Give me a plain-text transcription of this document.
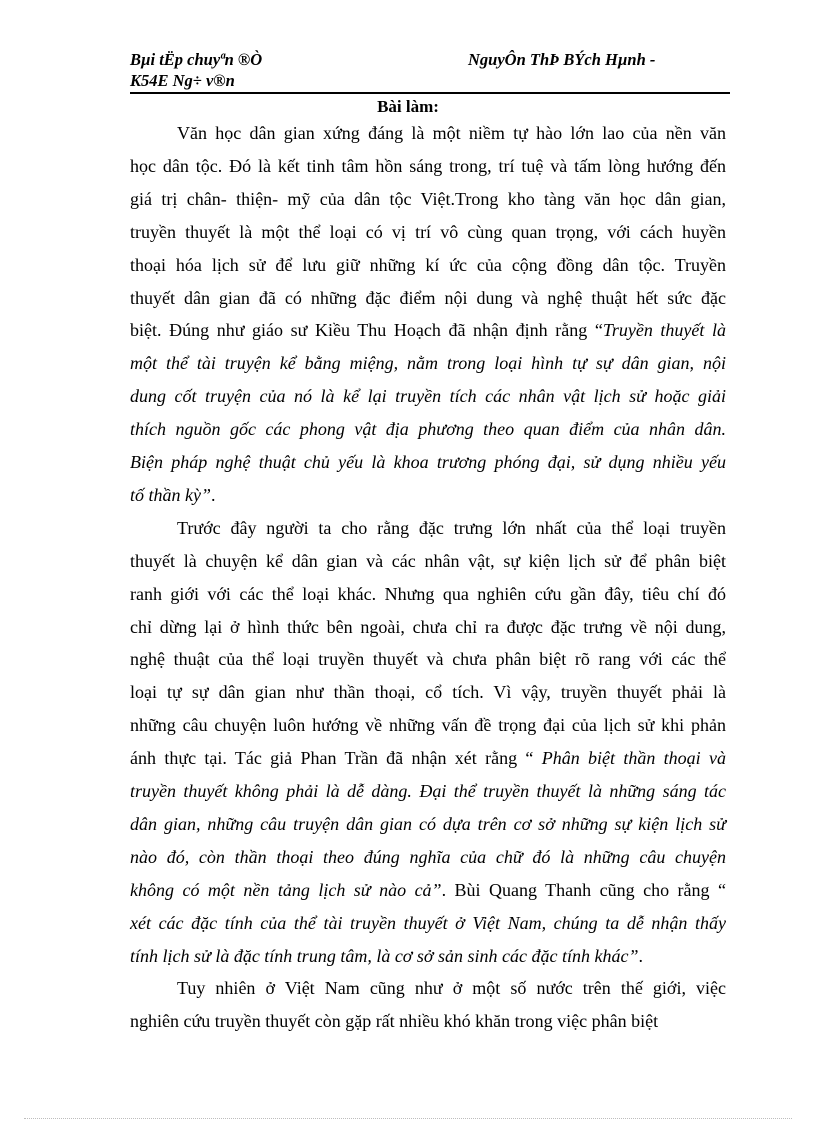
Bµi tËp chuyªn ®Ò
K54E Ng÷ v®n
NguyÔn ThÞ BÝch Hµnh -
Bài làm:
Văn học dân gian xứng đáng là một niềm tự hào lớn lao của nền văn
học dân tộc. Đó là kết tinh tâm hồn sáng trong, trí tuệ và tấm lòng hướng đến
giá trị chân- thiện- mỹ của dân tộc Việt.Trong kho tàng văn học dân gian,
truyền thuyết là một thể loại có vị trí vô cùng quan trọng, với cách huyền
thoại hóa lịch sử để lưu giữ những kí ức của cộng đồng dân tộc. Truyền
thuyết dân gian đã có những đặc điểm nội dung và nghệ thuật hết sức đặc
biệt. Đúng như giáo sư Kiều Thu Hoạch đã nhận định rằng “Truyền thuyết là
một thể tài truyện kể bằng miệng, nằm trong loại hình tự sự dân gian, nội
dung cốt truyện của nó là kể lại truyền tích các nhân vật lịch sử hoặc giải
thích nguồn gốc các phong vật địa phương theo quan điểm của nhân dân.
Biện pháp nghệ thuật chủ yếu là khoa trương phóng đại, sử dụng nhiều yếu
tố thần kỳ”.
Trước đây người ta cho rằng đặc trưng lớn nhất của thể loại truyền
thuyết là chuyện kể dân gian và các nhân vật, sự kiện lịch sử để phân biệt
ranh giới với các thể loại khác. Nhưng qua nghiên cứu gần đây, tiêu chí đó
chỉ dừng lại ở hình thức bên ngoài, chưa chỉ ra được đặc trưng về nội dung,
nghệ thuật của thể loại truyền thuyết và chưa phân biệt rõ rang với các thể
loại tự sự dân gian như thần thoại, cổ tích. Vì vậy, truyền thuyết phải là
những câu chuyện luôn hướng về những vấn đề trọng đại của lịch sử khi phản
ánh thực tại. Tác giả Phan Trần đã nhận xét rằng “ Phân biệt thần thoại và
truyền thuyết không phải là dễ dàng. Đại thể truyền thuyết là những sáng tác
dân gian, những câu truyện dân gian có dựa trên cơ sở những sự kiện lịch sử
nào đó, còn thần thoại theo đúng nghĩa của chữ đó là những câu chuyện
không có một nền tảng lịch sử nào cả”. Bùi Quang Thanh cũng cho rằng “
xét các đặc tính của thể tài truyền thuyết ở Việt Nam, chúng ta dễ nhận thấy
tính lịch sử là đặc tính trung tâm, là cơ sở sản sinh các đặc tính khác”.
Tuy nhiên ở Việt Nam cũng như ở một số nước trên thế giới, việc
nghiên cứu truyền thuyết còn gặp rất nhiều khó khăn trong việc phân biệt
